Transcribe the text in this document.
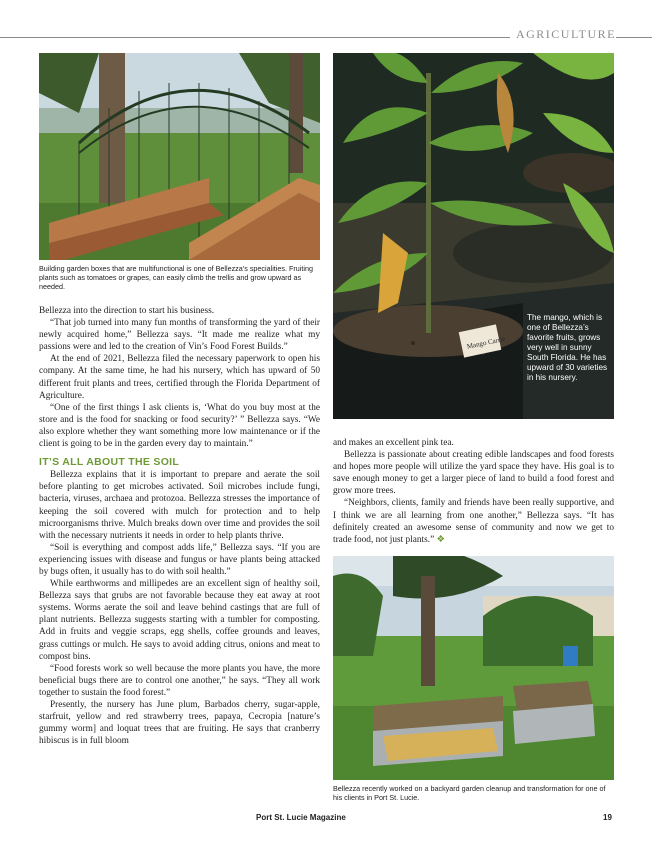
AGRICULTURE
Building garden boxes that are multifunctional is one of Bellezza’s specialities. Fruiting plants such as tomatoes or grapes, can easily climb the trellis and grow upward as needed.
Mango Carrie
The mango, which is one of Bellezza’s favorite fruits, grows very well in sunny South Florida. He has upward of 30 varieties in his nursery.
Bellezza recently worked on a backyard garden cleanup and transformation for one of his clients in Port St. Lucie.

Bellezza into the direction to start his business.

“That job turned into many fun months of transforming the yard of their newly acquired home,” Bellezza says. “It made me realize what my passions were and led to the creation of Vin’s Food Forest Builds.”

At the end of 2021, Bellezza filed the necessary paperwork to open his company. At the same time, he had his nursery, which has upward of 50 different fruit plants and trees, certified through the Florida Department of Agriculture.

“One of the first things I ask clients is, ‘What do you buy most at the store and is the food for snacking or food security?’ ” Bellezza says. “We also explore whether they want something more low maintenance or if the client is going to be in the garden every day to maintain.”

IT’S ALL ABOUT THE SOIL

Bellezza explains that it is important to prepare and aerate the soil before planting to get microbes activated. Soil microbes include fungi, bacteria, viruses, archaea and protozoa. Bellezza stresses the importance of keeping the soil covered with mulch for protection and to help microorganisms thrive. Mulch breaks down over time and provides the soil with the necessary nutrients it needs in order to help plants thrive.

“Soil is everything and compost adds life,” Bellezza says. “If you are experiencing issues with disease and fungus or have plants being attacked by bugs often, it usually has to do with soil health.”

While earthworms and millipedes are an excellent sign of healthy soil, Bellezza says that grubs are not favorable because they eat away at root systems. Worms aerate the soil and leave behind castings that are full of plant nutrients. Bellezza suggests starting with a tumbler for composting. Add in fruits and veggie scraps, egg shells, coffee grounds and leaves, grass cuttings or mulch. He says to avoid adding citrus, onions and meat to compost bins.

“Food forests work so well because the more plants you have, the more beneficial bugs there are to control one another,” he says. “They all work together to sustain the food forest.”

Presently, the nursery has June plum, Barbados cherry, sugar-apple, starfruit, yellow and red strawberry trees, papaya, Cecropia [nature’s gummy worm] and loquat trees that are fruiting. He says that cranberry hibiscus is in full bloom

and makes an excellent pink tea.

Bellezza is passionate about creating edible landscapes and food forests and hopes more people will utilize the yard space they have. His goal is to save enough money to get a larger piece of land to build a food forest and grow more trees.

“Neighbors, clients, family and friends have been really supportive, and I think we are all learning from one another,” Bellezza says. “It has definitely created an awesome sense of community and now we get to trade food, not just plants.” ❖

Port St. Lucie Magazine	19
